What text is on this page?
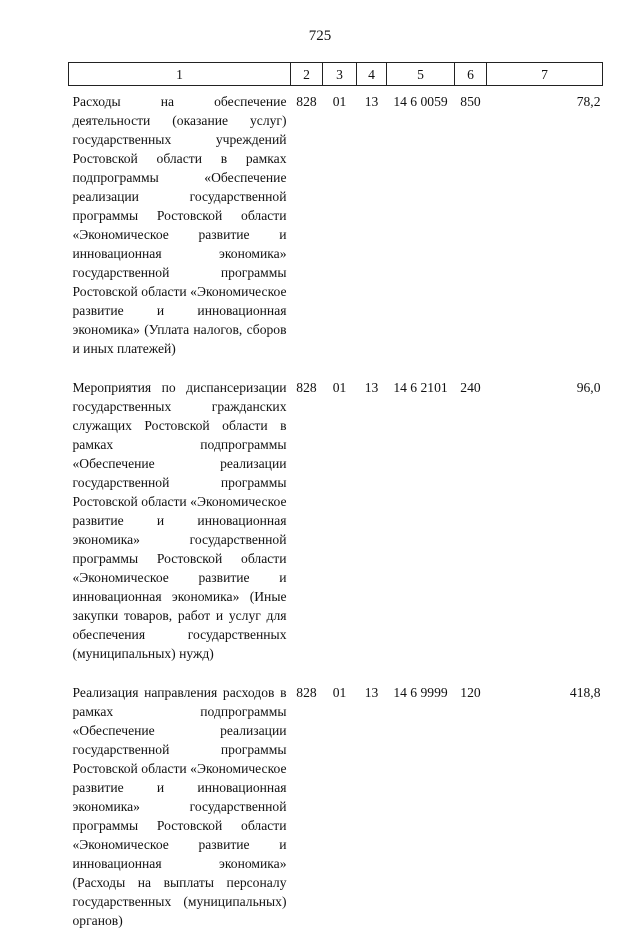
725
1	2	3	4	5	6	7
Расходы на обеспечение деятельности (оказание услуг) государственных учреждений Ростовской области в рамках подпрограммы «Обеспечение реализации государственной программы Ростовской области «Экономическое развитие и инновационная экономика» государственной программы Ростовской области «Экономическое развитие и инновационная экономика» (Уплата налогов, сборов и иных платежей)	828	01	13	14 6 0059	850	78,2
Мероприятия по диспансеризации государственных гражданских служащих Ростовской области в рамках подпрограммы «Обеспечение реализации государственной программы Ростовской области «Экономическое развитие и инновационная экономика» государственной программы Ростовской области «Экономическое развитие и инновационная экономика» (Иные закупки товаров, работ и услуг для обеспечения государственных (муниципальных) нужд)	828	01	13	14 6 2101	240	96,0
Реализация направления расходов в рамках подпрограммы «Обеспечение реализации государственной программы Ростовской области «Экономическое развитие и инновационная экономика» государственной программы Ростовской области «Экономическое развитие и инновационная экономика» (Расходы на выплаты персоналу государственных (муниципальных) органов)	828	01	13	14 6 9999	120	418,8
